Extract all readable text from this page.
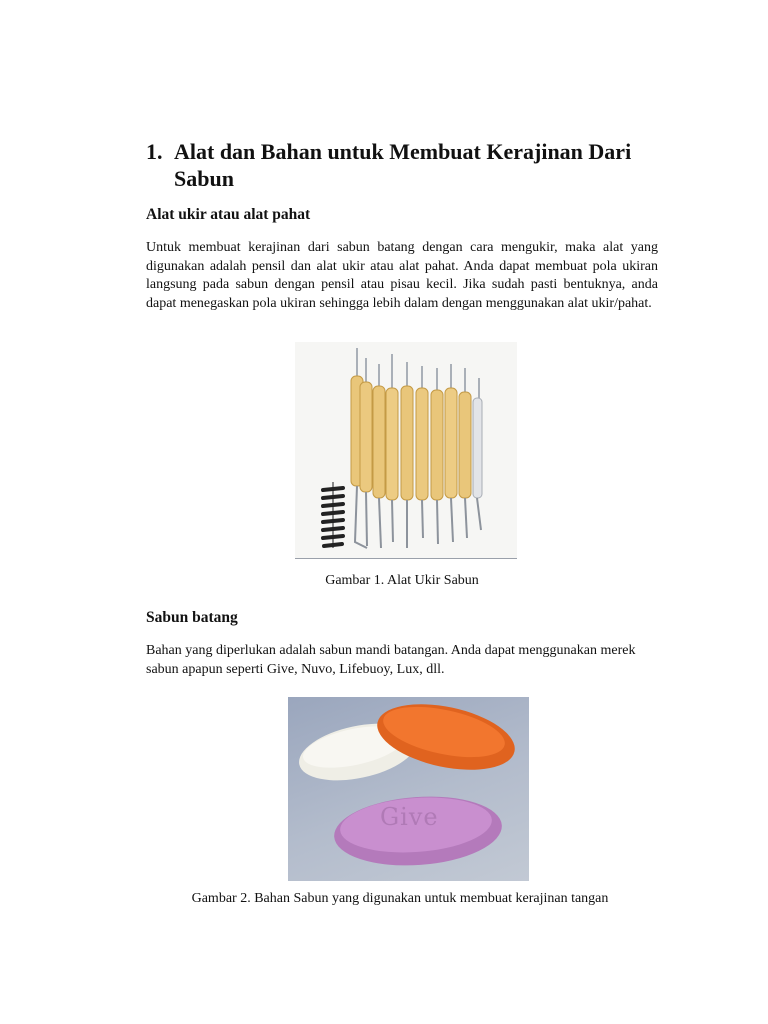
1. Alat dan Bahan untuk Membuat Kerajinan Dari Sabun

Alat ukir atau alat pahat

Untuk membuat kerajinan dari sabun batang dengan cara mengukir, maka alat yang digunakan adalah pensil dan alat ukir atau alat pahat. Anda dapat membuat pola ukiran langsung pada sabun dengan pensil atau pisau kecil. Jika sudah pasti bentuknya, anda dapat menegaskan pola ukiran sehingga lebih dalam dengan menggunakan alat ukir/pahat.

Gambar 1. Alat Ukir Sabun

Sabun batang

Bahan yang diperlukan adalah sabun mandi batangan. Anda dapat menggunakan merek sabun apapun seperti Give, Nuvo, Lifebuoy, Lux, dll.

Give

Gambar 2. Bahan Sabun yang digunakan untuk membuat kerajinan tangan
